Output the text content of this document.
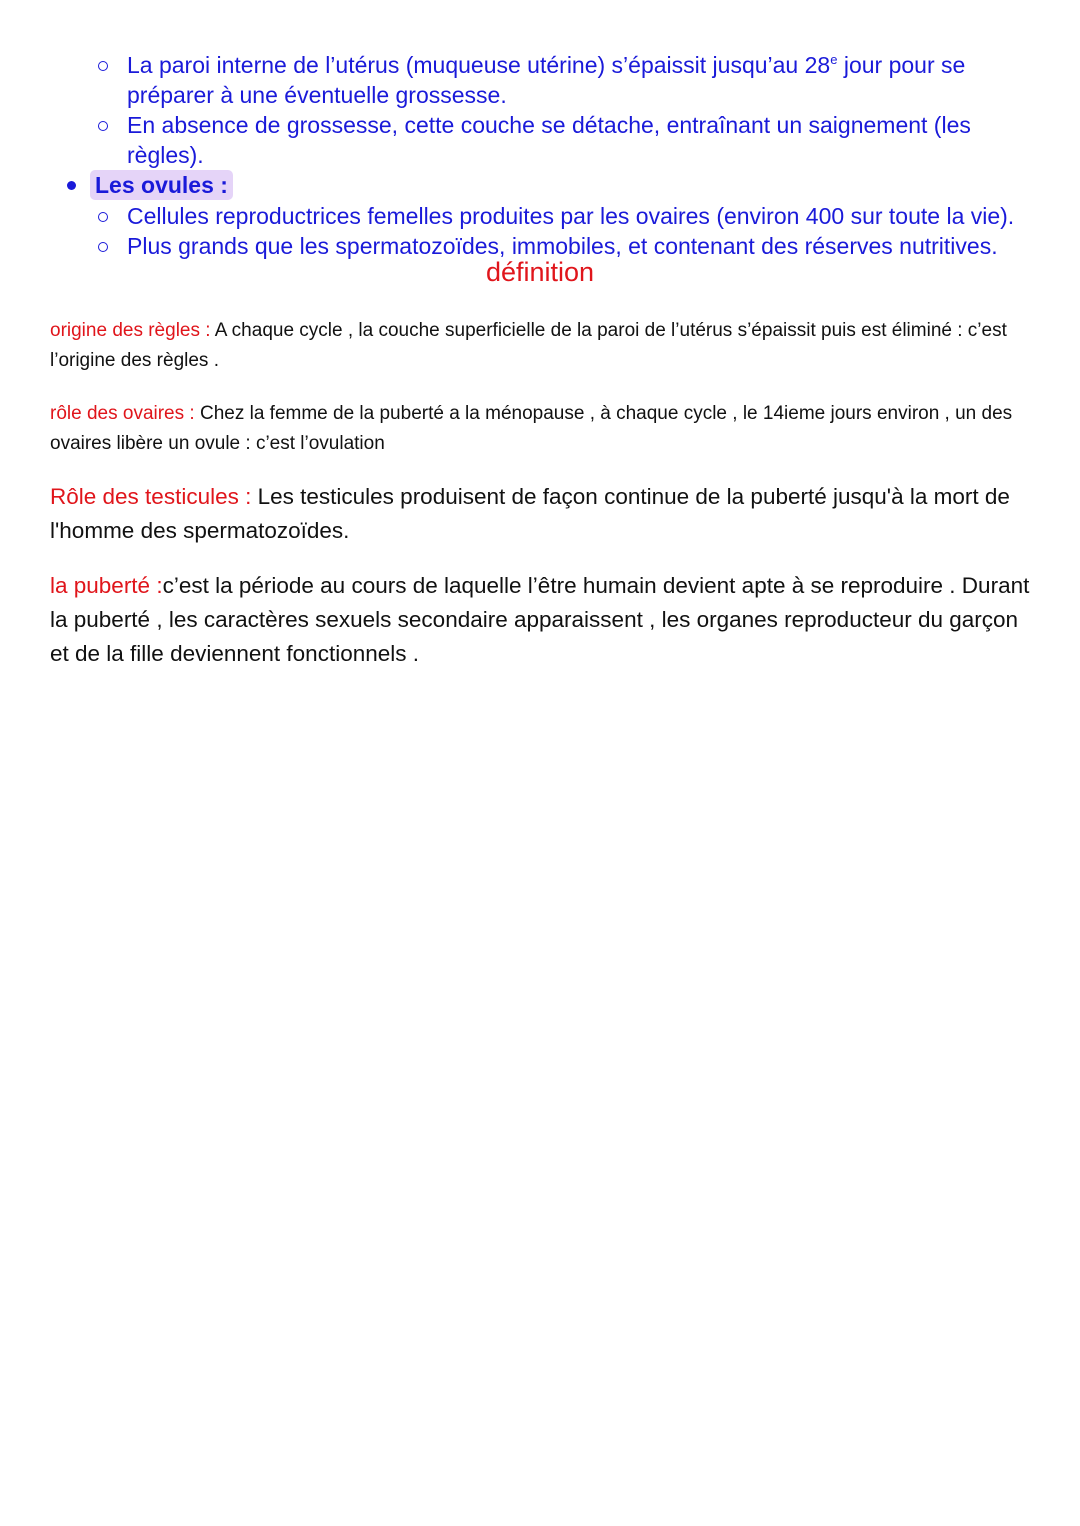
La paroi interne de l’utérus (muqueuse utérine) s’épaissit jusqu’au 28e jour pour se
préparer à une éventuelle grossesse.
En absence de grossesse, cette couche se détache, entraînant un saignement (les règles).
Les ovules :
Cellules reproductrices femelles produites par les ovaires (environ 400 sur toute la vie).
Plus grands que les spermatozoïdes, immobiles, et contenant des réserves nutritives.
définition
origine des règles : A chaque cycle , la couche superficielle de la paroi de l’utérus s’épaissit puis est éliminé : c’est l’origine des règles .
rôle des ovaires : Chez la femme de la puberté a la ménopause , à chaque cycle , le 14ieme jours environ , un des ovaires libère un ovule : c’est l’ovulation
Rôle des testicules : Les testicules produisent de façon continue de la puberté jusqu'à la mort de l'homme des spermatozoïdes.
la puberté :c’est la période au cours de laquelle l’être humain devient apte à se reproduire . Durant la puberté , les caractères sexuels secondaire apparaissent , les organes reproducteur du garçon et de la fille deviennent fonctionnels .
